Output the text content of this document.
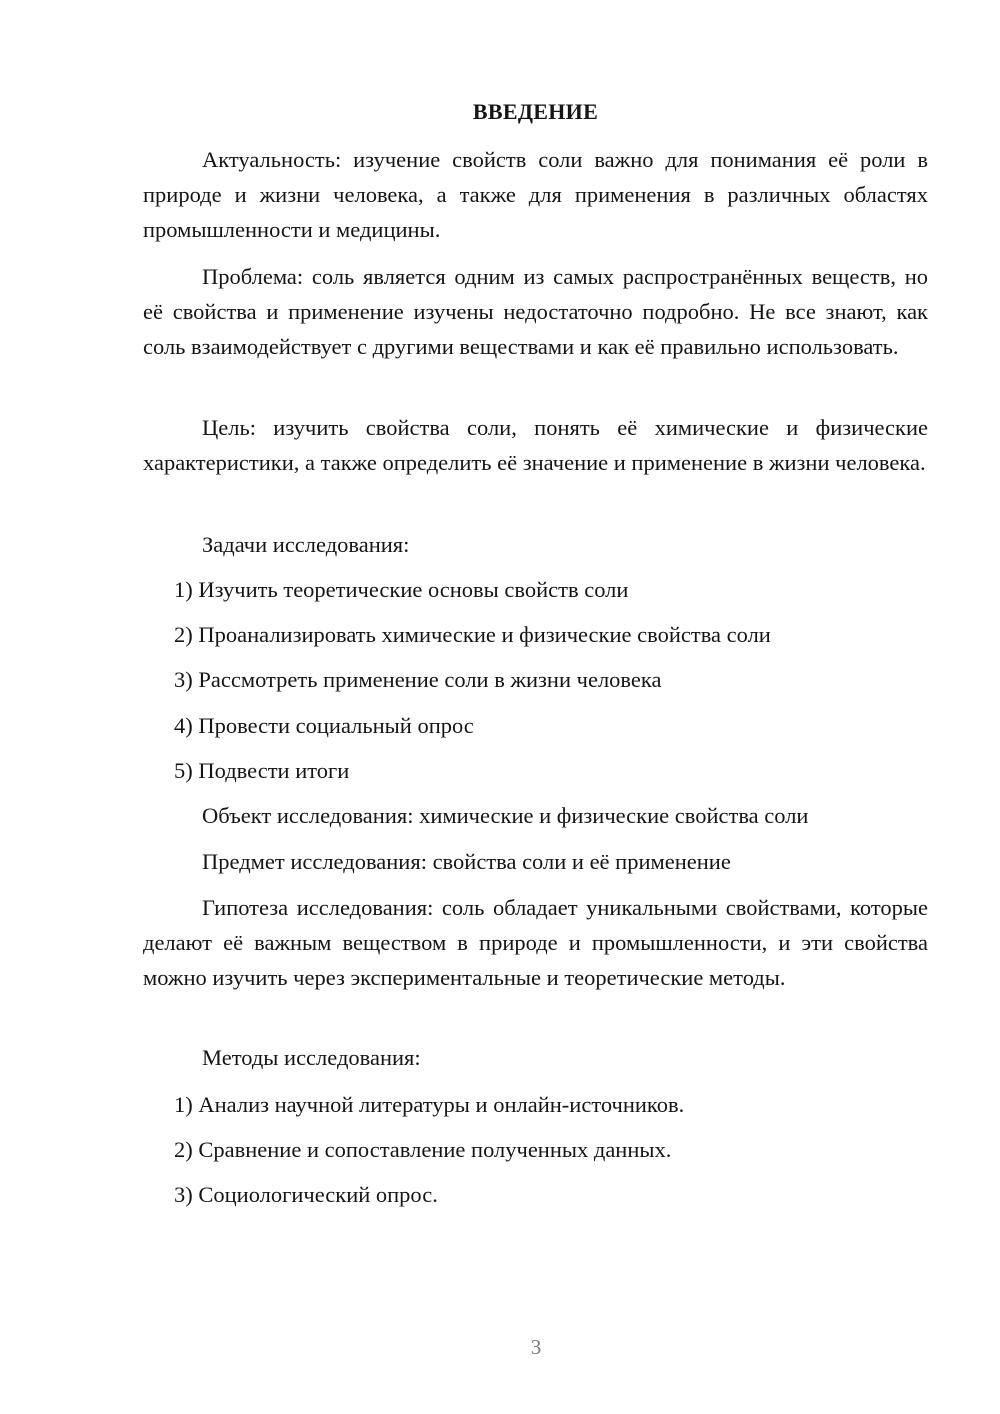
ВВЕДЕНИЕ

Актуальность: изучение свойств соли важно для понимания её роли в природе и жизни человека, а также для применения в различных областях промышленности и медицины.

Проблема: соль является одним из самых распространённых веществ, но её свойства и применение изучены недостаточно подробно. Не все знают, как соль взаимодействует с другими веществами и как её правильно использовать.

Цель: изучить свойства соли, понять её химические и физические характеристики, а также определить её значение и применение в жизни человека.

Задачи исследования:

1) Изучить теоретические основы свойств соли

2) Проанализировать химические и физические свойства соли

3) Рассмотреть применение соли в жизни человека

4) Провести социальный опрос

5) Подвести итоги

Объект исследования: химические и физические свойства соли

Предмет исследования: свойства соли и её применение

Гипотеза исследования: соль обладает уникальными свойствами, которые делают её важным веществом в природе и промышленности, и эти свойства можно изучить через экспериментальные и теоретические методы.

Методы исследования:

1) Анализ научной литературы и онлайн-источников.

2) Сравнение и сопоставление полученных данных.

3) Социологический опрос.

3
